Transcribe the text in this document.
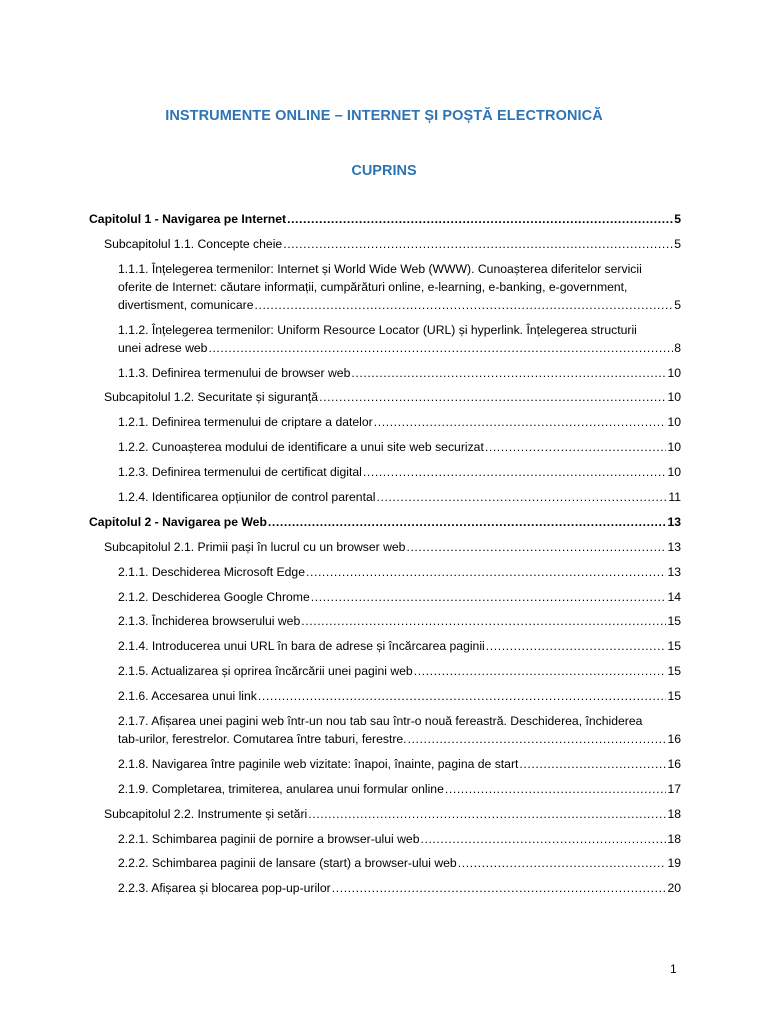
INSTRUMENTE ONLINE – INTERNET ȘI POȘTĂ ELECTRONICĂ
CUPRINS
Capitolul 1 - Navigarea pe Internet .....	5
Subcapitolul 1.1. Concepte cheie .....	5
1.1.1. Înțelegerea termenilor: Internet și World Wide Web (WWW). Cunoașterea diferitelor servicii
oferite de Internet: căutare informații, cumpărături online, e-learning, e-banking, e-government,
divertisment, comunicare .....	5
1.1.2. Înțelegerea termenilor: Uniform Resource Locator (URL) și hyperlink. Înțelegerea structurii
unei adrese web .....	8
1.1.3. Definirea termenului de browser web .....	10
Subcapitolul 1.2. Securitate și siguranță .....	10
1.2.1. Definirea termenului de criptare a datelor .....	10
1.2.2. Cunoașterea modului de identificare a unui site web securizat .....	10
1.2.3. Definirea termenului de certificat digital .....	10
1.2.4. Identificarea opțiunilor de control parental .....	11
Capitolul 2 - Navigarea pe Web .....	13
Subcapitolul 2.1. Primii pași în lucrul cu un browser web .....	13
2.1.1. Deschiderea Microsoft Edge .....	13
2.1.2. Deschiderea Google Chrome .....	14
2.1.3. Închiderea browserului web .....	15
2.1.4. Introducerea unui URL în bara de adrese și încărcarea paginii .....	15
2.1.5. Actualizarea și oprirea încărcării unei pagini web .....	15
2.1.6. Accesarea unui link .....	15
2.1.7. Afișarea unei pagini web într-un nou tab sau într-o nouă fereastră. Deschiderea, închiderea
tab-urilor, ferestrelor. Comutarea între taburi, ferestre. .....	16
2.1.8. Navigarea între paginile web vizitate: înapoi, înainte, pagina de start .....	16
2.1.9. Completarea, trimiterea, anularea unui formular online .....	17
Subcapitolul 2.2. Instrumente și setări .....	18
2.2.1. Schimbarea paginii de pornire a browser-ului web .....	18
2.2.2. Schimbarea paginii de lansare (start) a browser-ului web .....	19
2.2.3. Afișarea și blocarea pop-up-urilor .....	20
1
